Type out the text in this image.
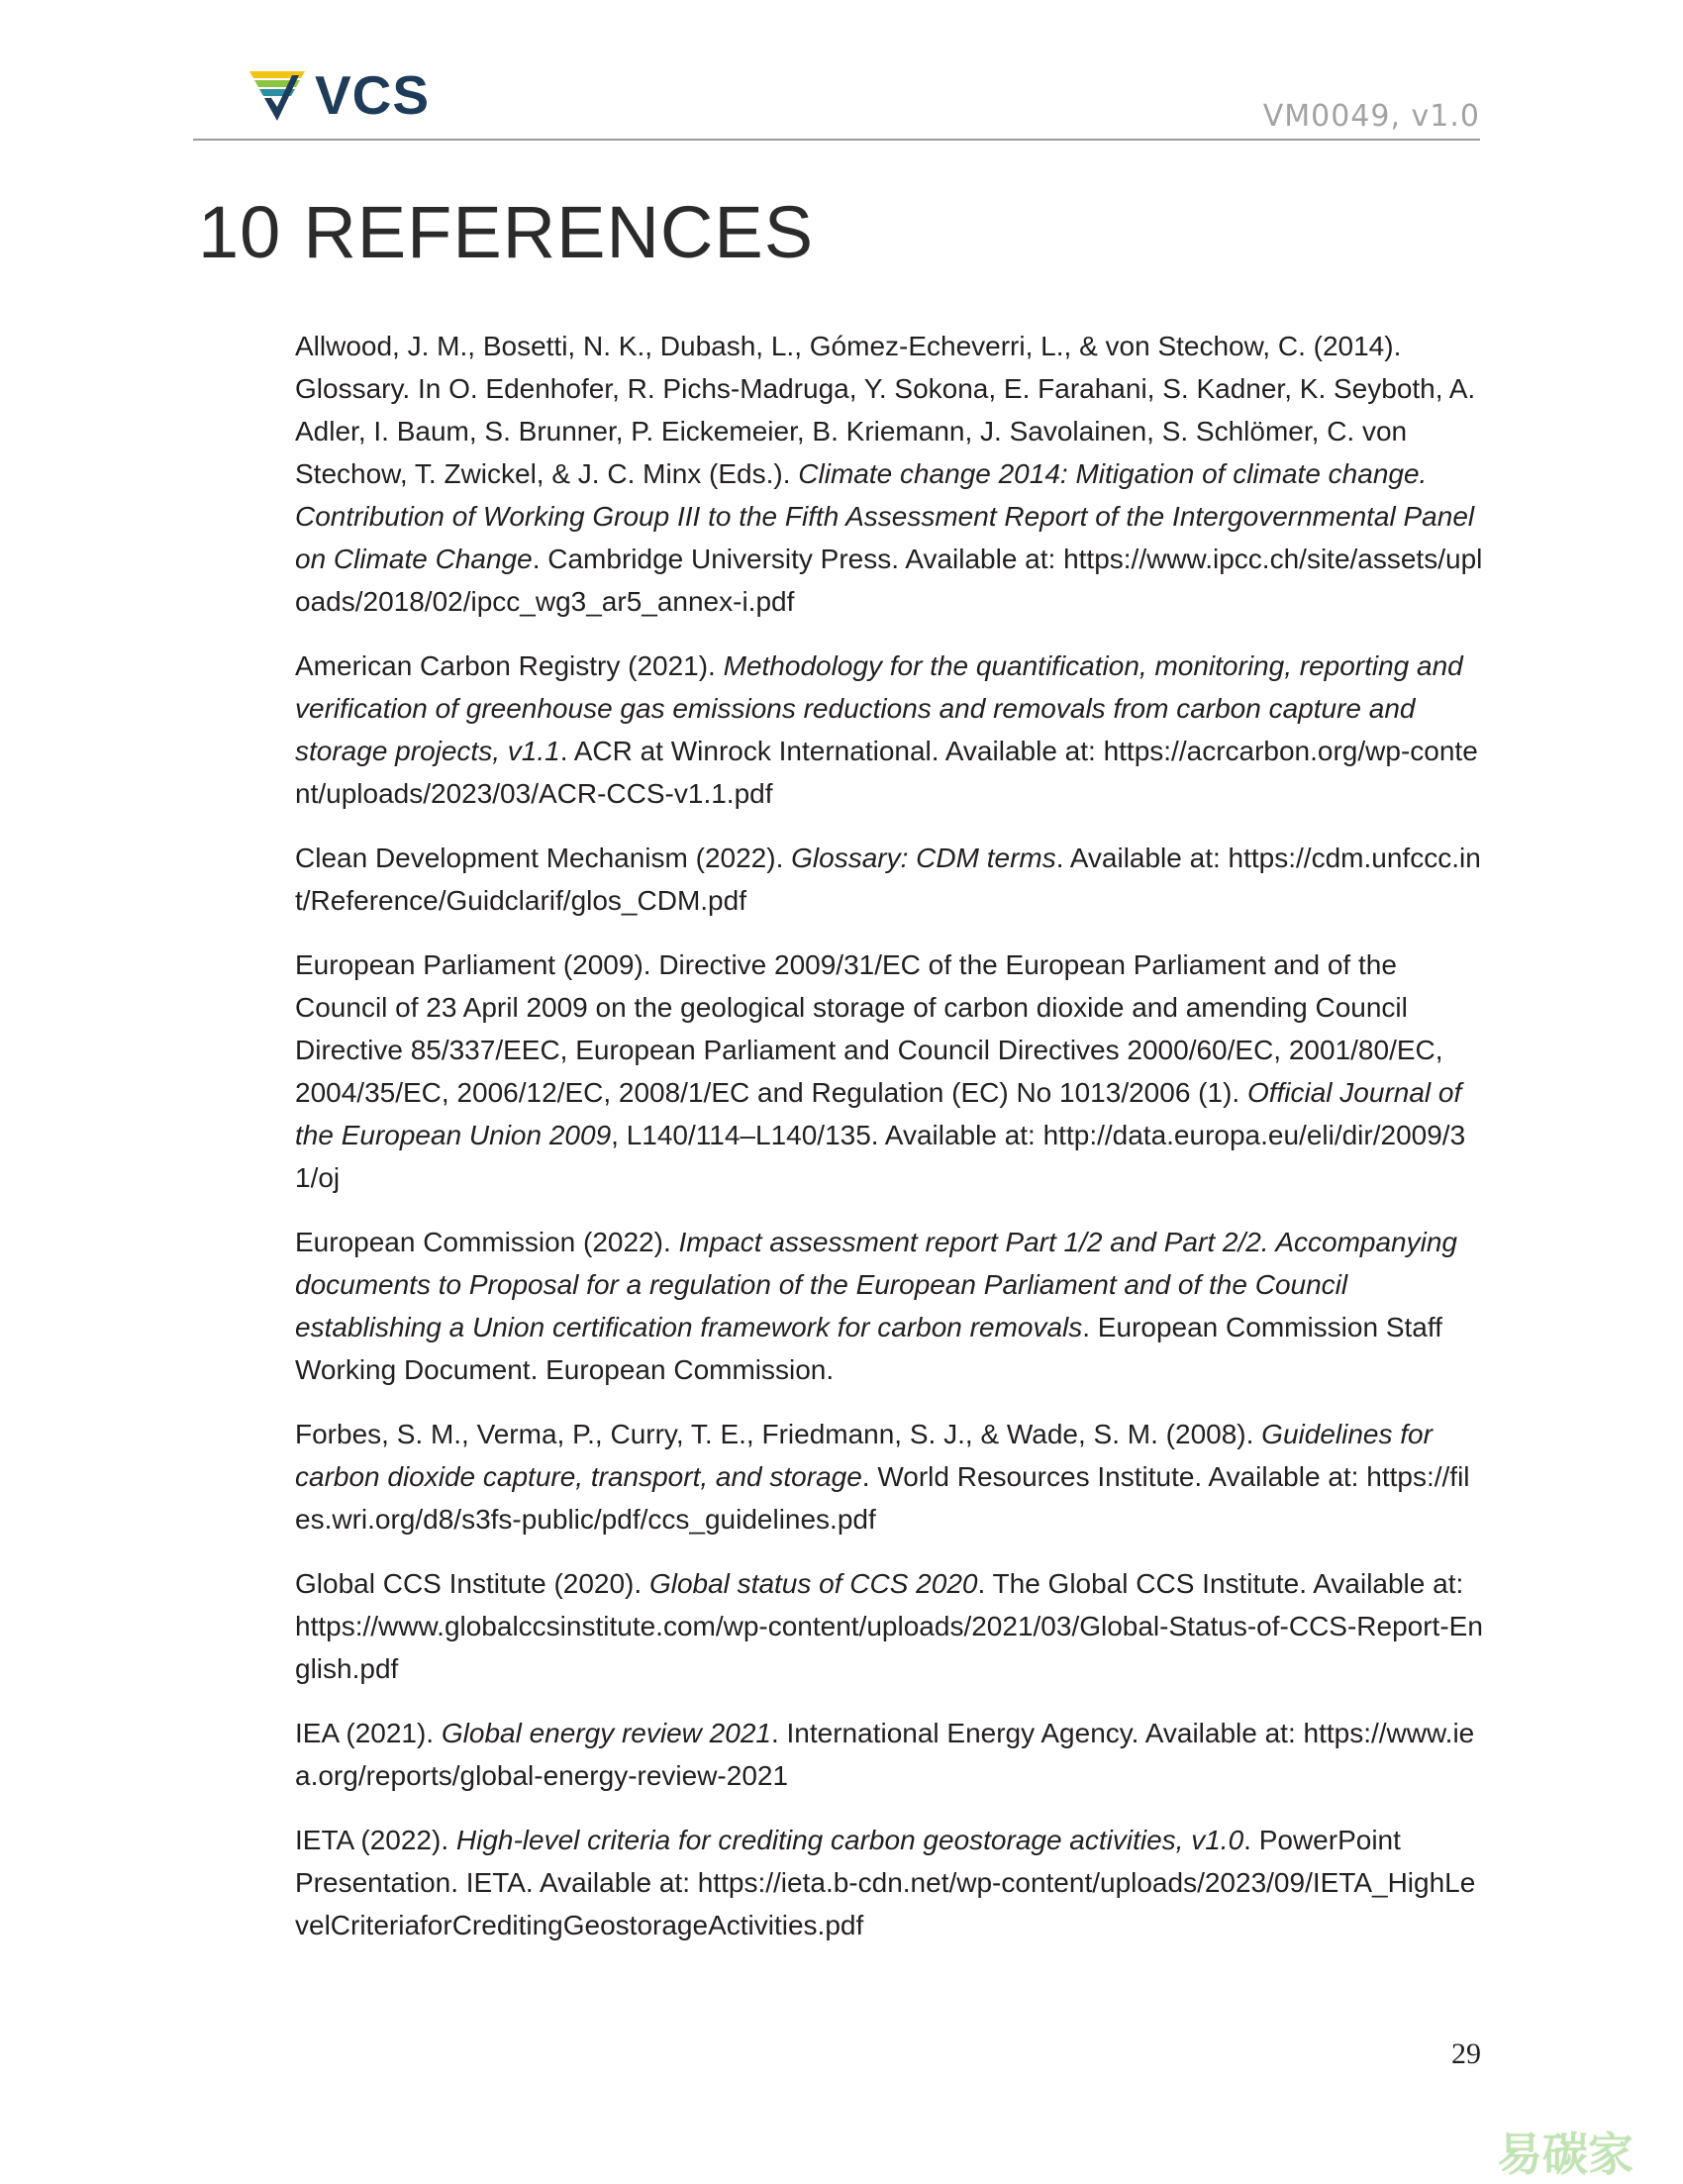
VCS	VM0049, v1.0
10 REFERENCES

Allwood, J. M., Bosetti, N. K., Dubash, L., Gómez-Echeverri, L., & von Stechow, C. (2014). Glossary. In O. Edenhofer, R. Pichs-Madruga, Y. Sokona, E. Farahani, S. Kadner, K. Seyboth, A. Adler, I. Baum, S. Brunner, P. Eickemeier, B. Kriemann, J. Savolainen, S. Schlömer, C. von Stechow, T. Zwickel, & J. C. Minx (Eds.). Climate change 2014: Mitigation of climate change. Contribution of Working Group III to the Fifth Assessment Report of the Intergovernmental Panel on Climate Change. Cambridge University Press. Available at: https://www.ipcc.ch/site/assets/uploads/2018/02/ipcc_wg3_ar5_annex-i.pdf

American Carbon Registry (2021). Methodology for the quantification, monitoring, reporting and verification of greenhouse gas emissions reductions and removals from carbon capture and storage projects, v1.1. ACR at Winrock International. Available at: https://acrcarbon.org/wp-content/uploads/2023/03/ACR-CCS-v1.1.pdf

Clean Development Mechanism (2022). Glossary: CDM terms. Available at: https://cdm.unfccc.int/Reference/Guidclarif/glos_CDM.pdf

European Parliament (2009). Directive 2009/31/EC of the European Parliament and of the Council of 23 April 2009 on the geological storage of carbon dioxide and amending Council Directive 85/337/EEC, European Parliament and Council Directives 2000/60/EC, 2001/80/EC, 2004/35/EC, 2006/12/EC, 2008/1/EC and Regulation (EC) No 1013/2006 (1). Official Journal of the European Union 2009, L140/114–L140/135. Available at: http://data.europa.eu/eli/dir/2009/31/oj

European Commission (2022). Impact assessment report Part 1/2 and Part 2/2. Accompanying documents to Proposal for a regulation of the European Parliament and of the Council establishing a Union certification framework for carbon removals. European Commission Staff Working Document. European Commission.

Forbes, S. M., Verma, P., Curry, T. E., Friedmann, S. J., & Wade, S. M. (2008). Guidelines for carbon dioxide capture, transport, and storage. World Resources Institute. Available at: https://files.wri.org/d8/s3fs-public/pdf/ccs_guidelines.pdf

Global CCS Institute (2020). Global status of CCS 2020. The Global CCS Institute. Available at: https://www.globalccsinstitute.com/wp-content/uploads/2021/03/Global-Status-of-CCS-Report-English.pdf

IEA (2021). Global energy review 2021. International Energy Agency. Available at: https://www.iea.org/reports/global-energy-review-2021

IETA (2022). High-level criteria for crediting carbon geostorage activities, v1.0. PowerPoint Presentation. IETA. Available at: https://ieta.b-cdn.net/wp-content/uploads/2023/09/IETA_HighLevelCriteriaforCreditingGeostorageActivities.pdf

29
易碳家
